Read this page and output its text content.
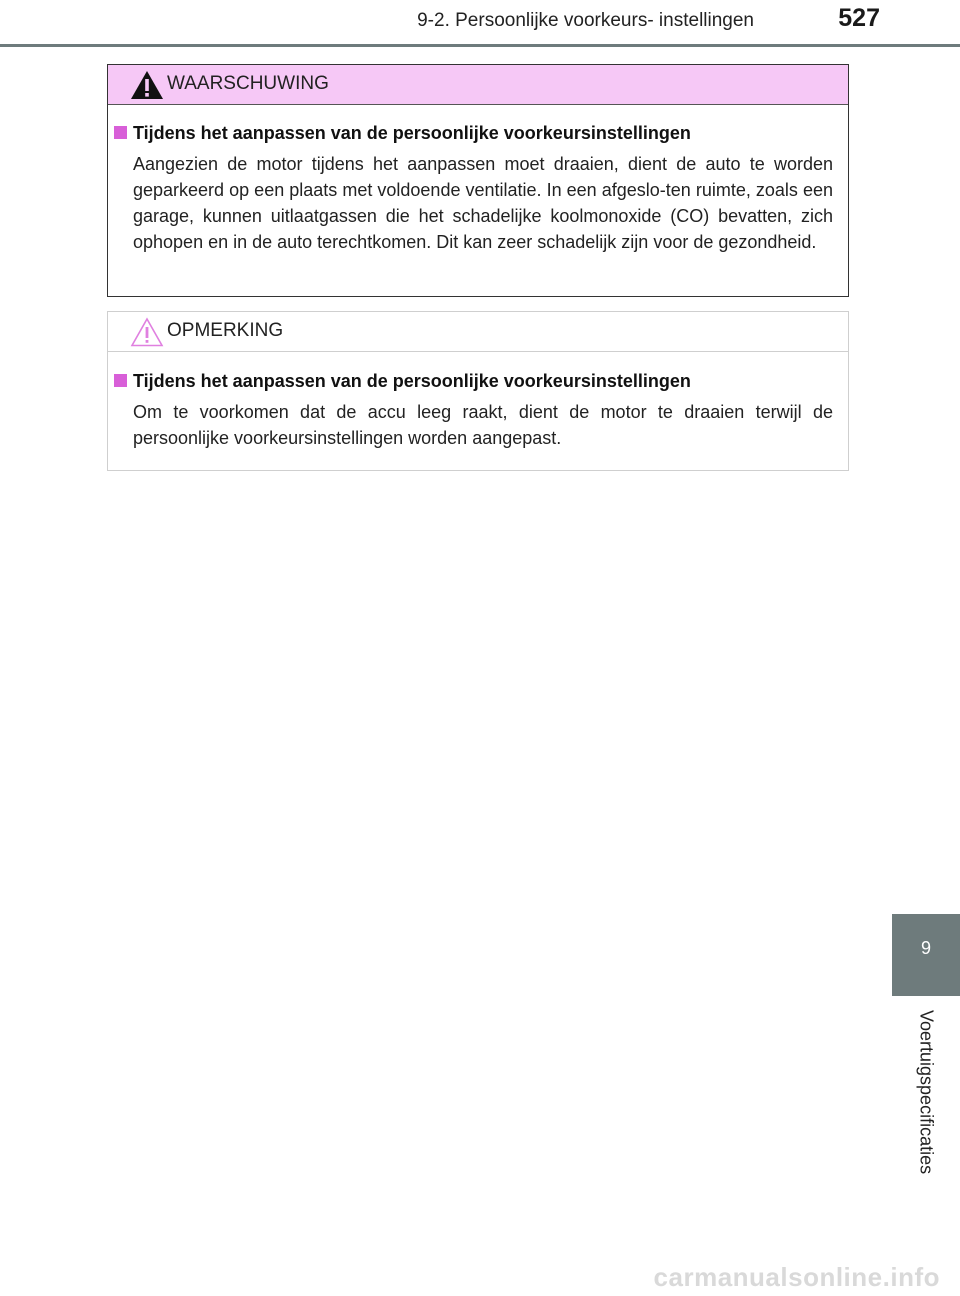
9-2. Persoonlijke voorkeurs- instellingen	527
WAARSCHUWING
Tijdens het aanpassen van de persoonlijke voorkeursinstellingen
Aangezien de motor tijdens het aanpassen moet draaien, dient de auto te worden geparkeerd op een plaats met voldoende ventilatie. In een afgeslo-ten ruimte, zoals een garage, kunnen uitlaatgassen die het schadelijke koolmonoxide (CO) bevatten, zich ophopen en in de auto terechtkomen. Dit kan zeer schadelijk zijn voor de gezondheid.
OPMERKING
Tijdens het aanpassen van de persoonlijke voorkeursinstellingen
Om te voorkomen dat de accu leeg raakt, dient de motor te draaien terwijl de persoonlijke voorkeursinstellingen worden aangepast.
9
Voertuigspecificaties
carmanualsonline.info
